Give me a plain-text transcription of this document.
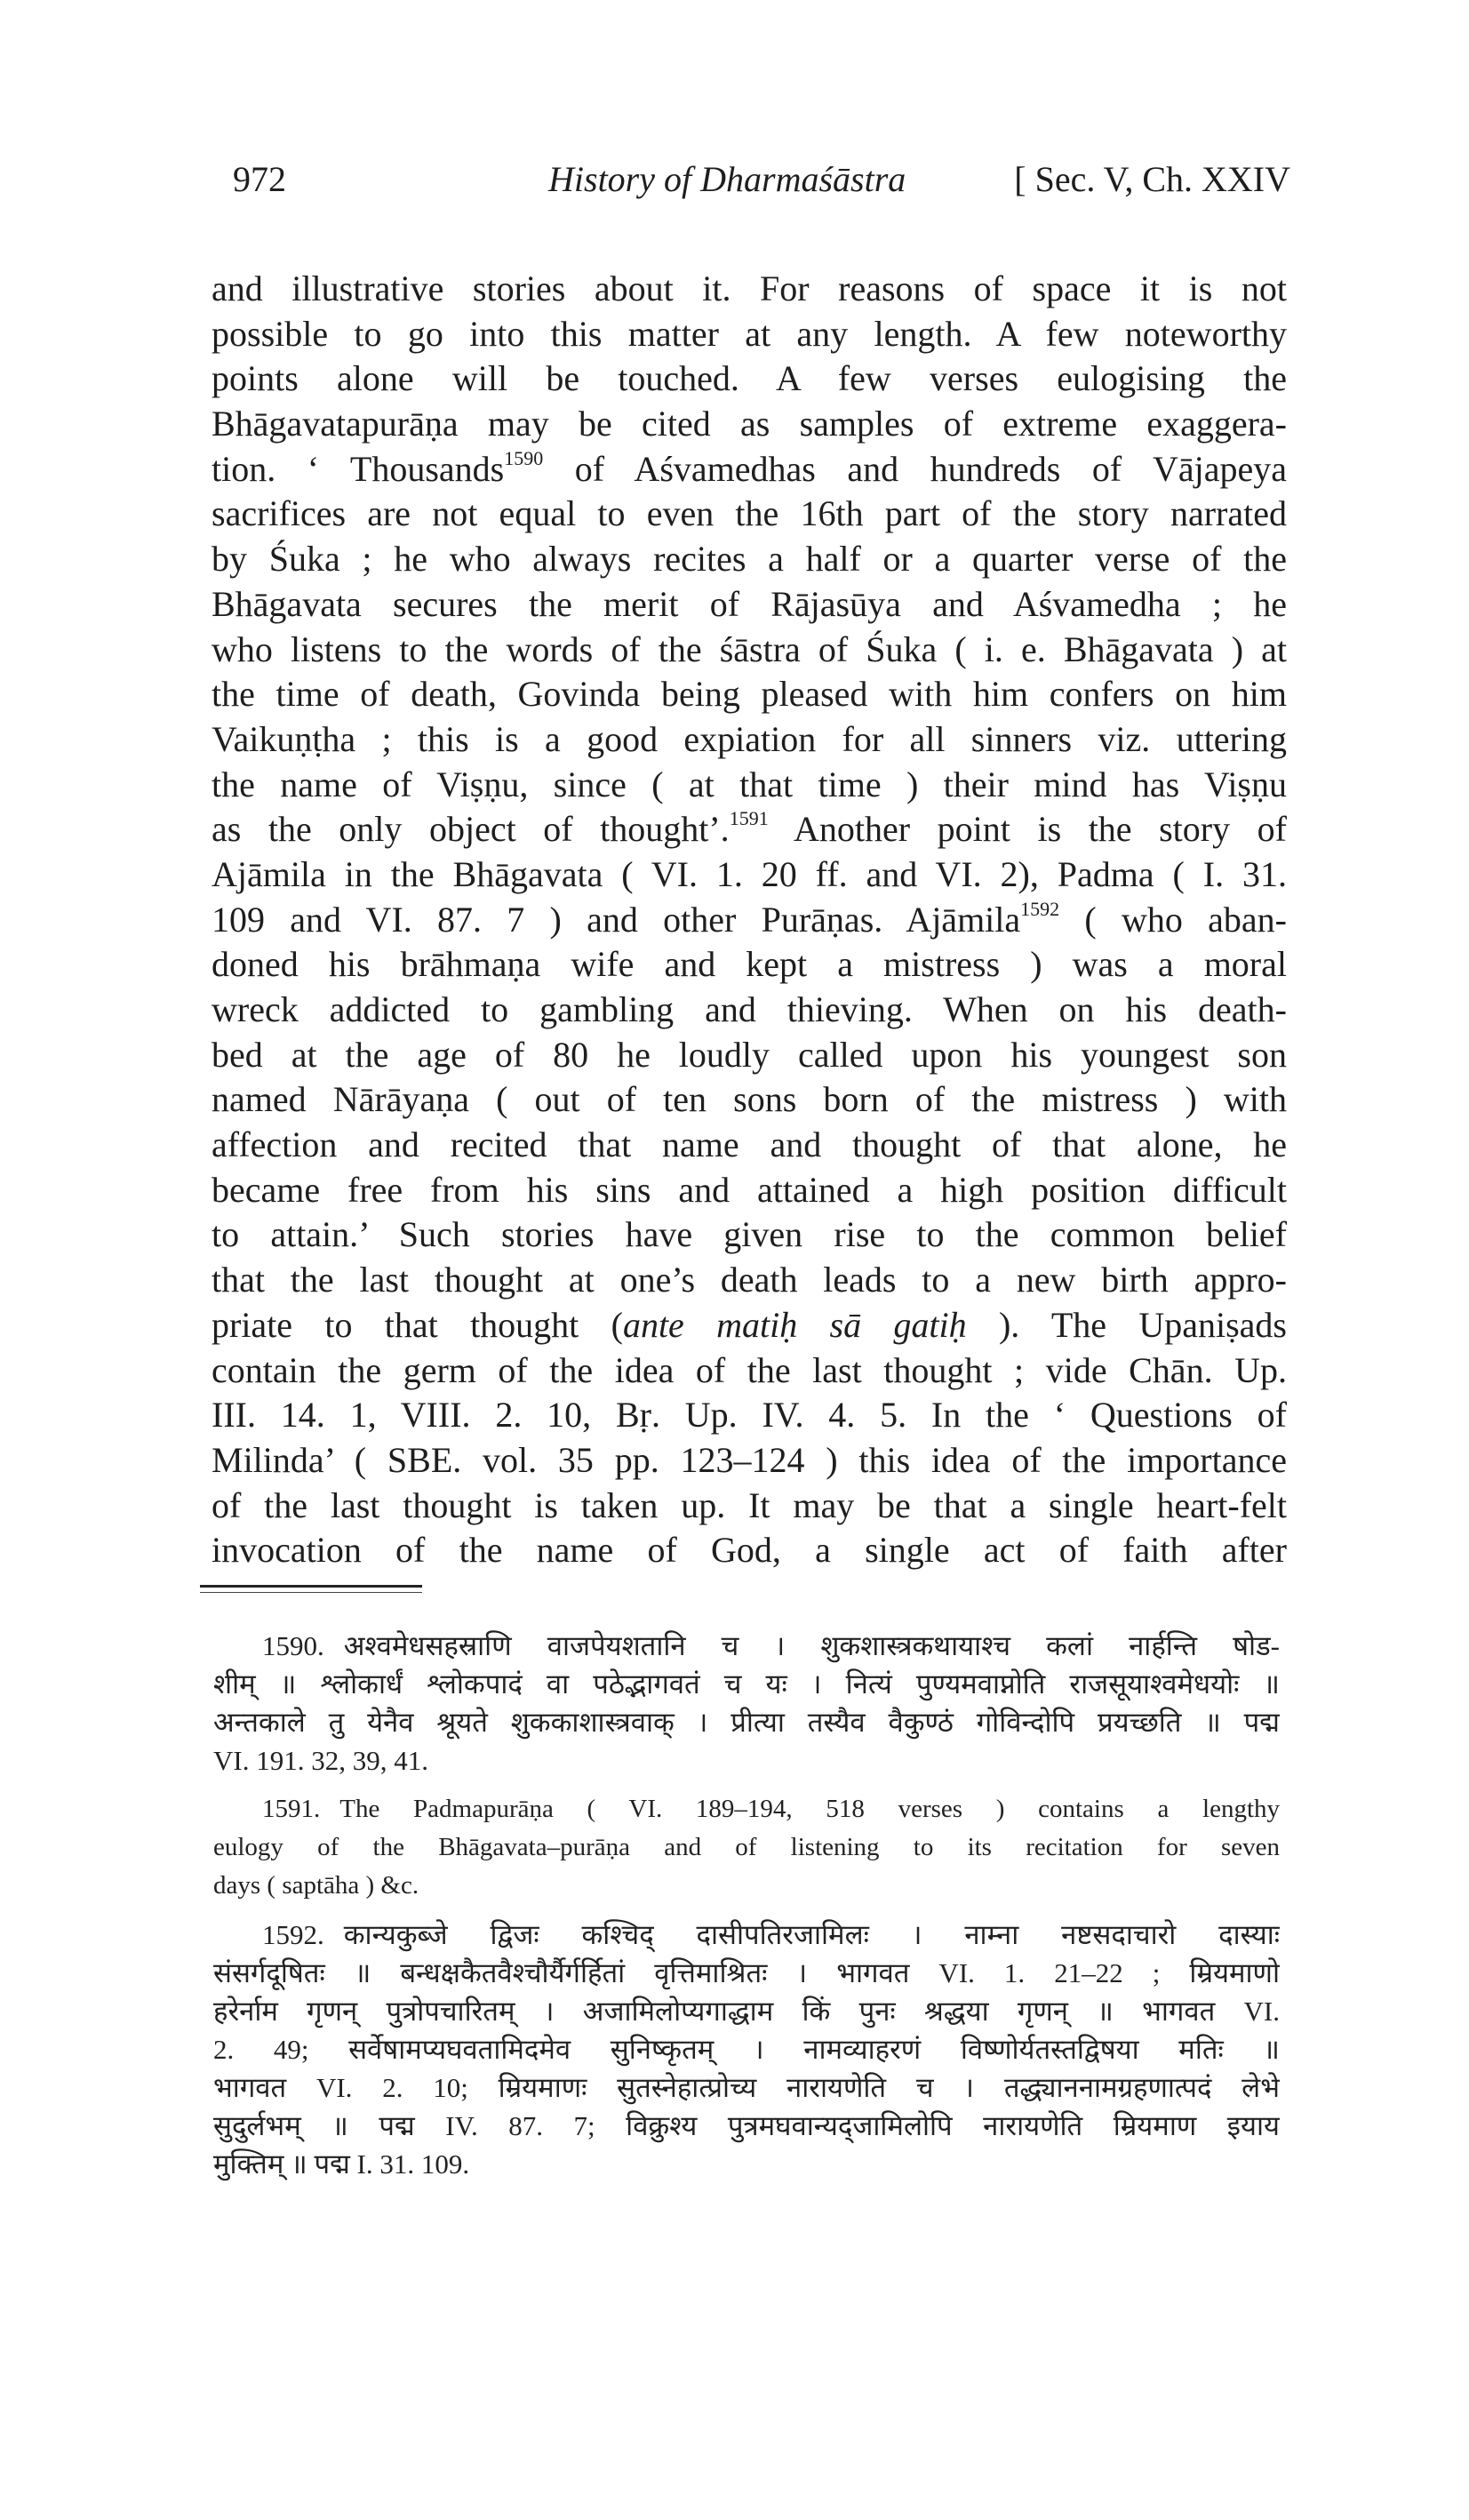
972	History of Dharmaśāstra	[ Sec. V, Ch. XXIV
and illustrative stories about it. For reasons of space it is not
possible to go into this matter at any length. A few noteworthy
points alone will be touched. A few verses eulogising the
Bhāgavatapurāṇa may be cited as samples of extreme exaggera-
tion. ‘ Thousands$^{1590}$ of Aśvamedhas and hundreds of Vājapeya
sacrifices are not equal to even the 16th part of the story narrated
by Śuka ; he who always recites a half or a quarter verse of the
Bhāgavata secures the merit of Rājasūya and Aśvamedha ; he
who listens to the words of the śāstra of Śuka ( i. e. Bhāgavata ) at
the time of death, Govinda being pleased with him confers on him
Vaikuṇṭha ; this is a good expiation for all sinners viz. uttering
the name of Viṣṇu, since ( at that time ) their mind has Viṣṇu
as the only object of thought’.$^{1591}$ Another point is the story of
Ajāmila in the Bhāgavata ( VI. 1. 20 ff. and VI. 2), Padma ( I. 31.
109 and VI. 87. 7 ) and other Purāṇas. Ajāmila$^{1592}$ ( who aban-
doned his brāhmaṇa wife and kept a mistress ) was a moral
wreck addicted to gambling and thieving. When on his death-
bed at the age of 80 he loudly called upon his youngest son
named Nārāyaṇa ( out of ten sons born of the mistress ) with
affection and recited that name and thought of that alone, he
became free from his sins and attained a high position difficult
to attain.’ Such stories have given rise to the common belief
that the last thought at one’s death leads to a new birth appro-
priate to that thought (ante matiḥ sā gatiḥ ). The Upaniṣads
contain the germ of the idea of the last thought ; vide Chān. Up.
III. 14. 1, VIII. 2. 10, Bṛ. Up. IV. 4. 5. In the ‘ Questions of
Milinda’ ( SBE. vol. 35 pp. 123–124 ) this idea of the importance
of the last thought is taken up. It may be that a single heart-felt
invocation of the name of God, a single act of faith after
1590. अश्वमेधसहस्राणि वाजपेयशतानि च । शुकशास्त्रकथायाश्च कलां नार्हन्ति षोड-
शीम् ॥ श्लोकार्धं श्लोकपादं वा पठेद्भागवतं च यः । नित्यं पुण्यमवाप्नोति राजसूयाश्वमेधयोः ॥
अन्तकाले तु येनैव श्रूयते शुककाशास्त्रवाक् । प्रीत्या तस्यैव वैकुण्ठं गोविन्दोपि प्रयच्छति ॥ पद्म
VI. 191. 32, 39, 41.
1591. The Padmapurāṇa ( VI. 189–194, 518 verses ) contains a lengthy
eulogy of the Bhāgavata–purāṇa and of listening to its recitation for seven
days ( saptāha ) &c.
1592. कान्यकुब्जे द्विजः कश्चिद् दासीपतिरजामिलः । नाम्ना नष्टसदाचारो दास्याः
संसर्गदूषितः ॥ बन्धक्षकैतवैश्चौर्यैर्गर्हितां वृत्तिमाश्रितः । भागवत VI. 1. 21–22 ; म्रियमाणो
हरेर्नाम गृणन् पुत्रोपचारितम् । अजामिलोप्यगाद्धाम किं पुनः श्रद्धया गृणन् ॥ भागवत VI.
2. 49; सर्वेषामप्यघवतामिदमेव सुनिष्कृतम् । नामव्याहरणं विष्णोर्यतस्तद्विषया मतिः ॥
भागवत VI. 2. 10; म्रियमाणः सुतस्नेहात्प्रोच्य नारायणेति च । तद्ध्याननामग्रहणात्पदं लेभे
सुदुर्लभम् ॥ पद्म IV. 87. 7; विक्रुश्य पुत्रमघवान्यद्जामिलोपि नारायणेति म्रियमाण इयाय
मुक्तिम् ॥ पद्म I. 31. 109.
